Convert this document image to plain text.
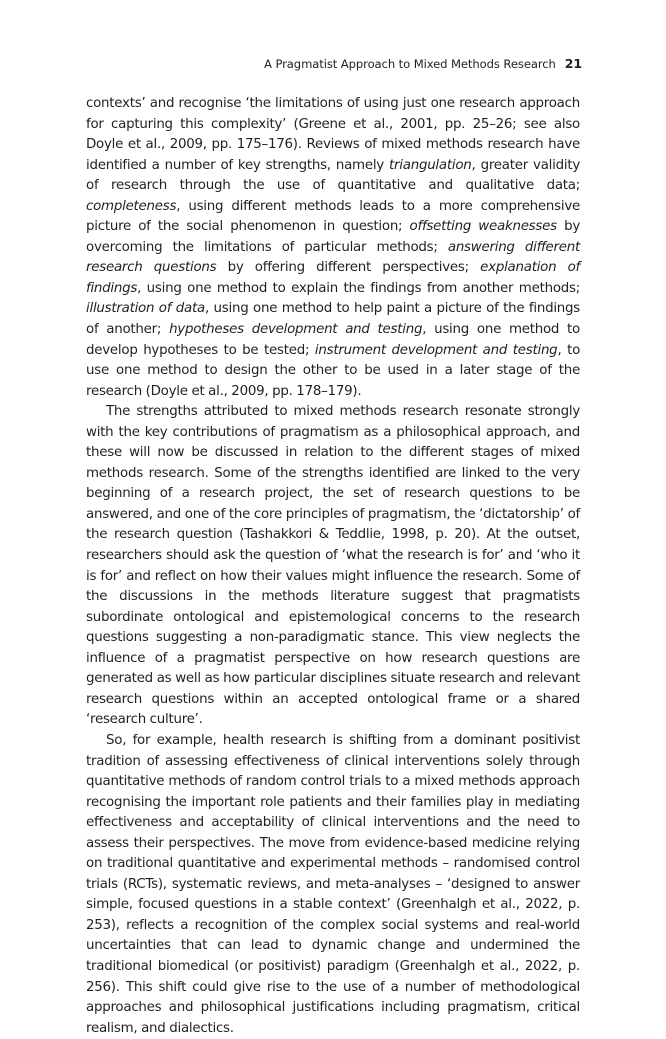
A Pragmatist Approach to Mixed Methods Research 21

contexts’ and recognise ‘the limitations of using just one research approach for capturing this complexity’ (Greene et al., 2001, pp. 25–26; see also Doyle et al., 2009, pp. 175–176). Reviews of mixed methods research have identified a number of key strengths, namely triangulation, greater validity of research through the use of quantitative and qualitative data; completeness, using different methods leads to a more comprehensive picture of the social phenomenon in question; offsetting weaknesses by overcoming the limitations of particular methods; answering different research questions by offering different perspectives; explanation of findings, using one method to explain the findings from another methods; illustration of data, using one method to help paint a picture of the findings of another; hypotheses development and testing, using one method to develop hypotheses to be tested; instrument development and testing, to use one method to design the other to be used in a later stage of the research (Doyle et al., 2009, pp. 178–179).

The strengths attributed to mixed methods research resonate strongly with the key contributions of pragmatism as a philosophical approach, and these will now be discussed in relation to the different stages of mixed methods research. Some of the strengths identified are linked to the very beginning of a research project, the set of research questions to be answered, and one of the core principles of pragmatism, the ‘dictatorship’ of the research question (Tashakkori & Teddlie, 1998, p. 20). At the outset, researchers should ask the question of ‘what the research is for’ and ‘who it is for’ and reflect on how their values might influence the research. Some of the discussions in the methods literature suggest that pragmatists subordinate ontological and epistemological concerns to the research questions suggesting a non-paradigmatic stance. This view neglects the influence of a pragmatist perspective on how research questions are generated as well as how particular disciplines situate research and relevant research questions within an accepted ontological frame or a shared ‘research culture’.

So, for example, health research is shifting from a dominant positivist tradition of assessing effectiveness of clinical interventions solely through quantitative methods of random control trials to a mixed methods approach recognising the important role patients and their families play in mediating effectiveness and acceptability of clinical interventions and the need to assess their perspectives. The move from evidence-based medicine relying on traditional quantitative and experimental methods – randomised control trials (RCTs), systematic reviews, and meta-analyses – ‘designed to answer simple, focused questions in a stable context’ (Greenhalgh et al., 2022, p. 253), reflects a recognition of the complex social systems and real-world uncertainties that can lead to dynamic change and undermined the traditional biomedical (or positivist) paradigm (Greenhalgh et al., 2022, p. 256). This shift could give rise to the use of a number of methodological approaches and philosophical justifications including pragmatism, critical realism, and dialectics.
